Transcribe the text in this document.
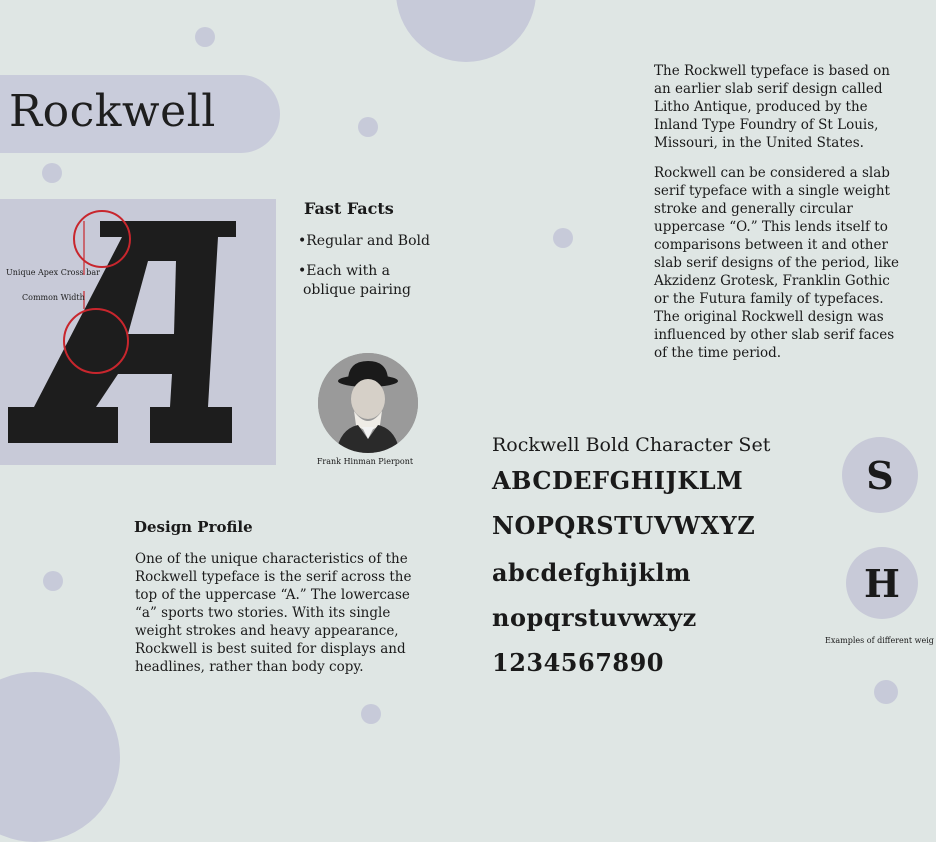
Rockwell
Unique Apex Cross bar
Common Width
Fast Facts
•Regular and Bold
•Each with a
oblique pairing
Frank Hinman Pierpont
The Rockwell typeface is based on
an earlier slab serif design called
Litho Antique, produced by the
Inland Type Foundry of St Louis,
Missouri, in the United States.
Rockwell can be considered a slab
serif typeface with a single weight
stroke and generally circular
uppercase “O.” This lends itself to
comparisons between it and other
slab serif designs of the period, like
Akzidenz Grotesk, Franklin Gothic
or the Futura family of typefaces.
The original Rockwell design was
influenced by other slab serif faces
of the time period.
Design Profile
One of the unique characteristics of the
Rockwell typeface is the serif across the
top of the uppercase “A.” The lowercase
“a” sports two stories. With its single
weight strokes and heavy appearance,
Rockwell is best suited for displays and
headlines, rather than body copy.
Rockwell Bold Character Set
ABCDEFGHIJKLM
NOPQRSTUVWXYZ
abcdefghijklm
nopqrstuvwxyz
1234567890
S
H
Examples of different weig
